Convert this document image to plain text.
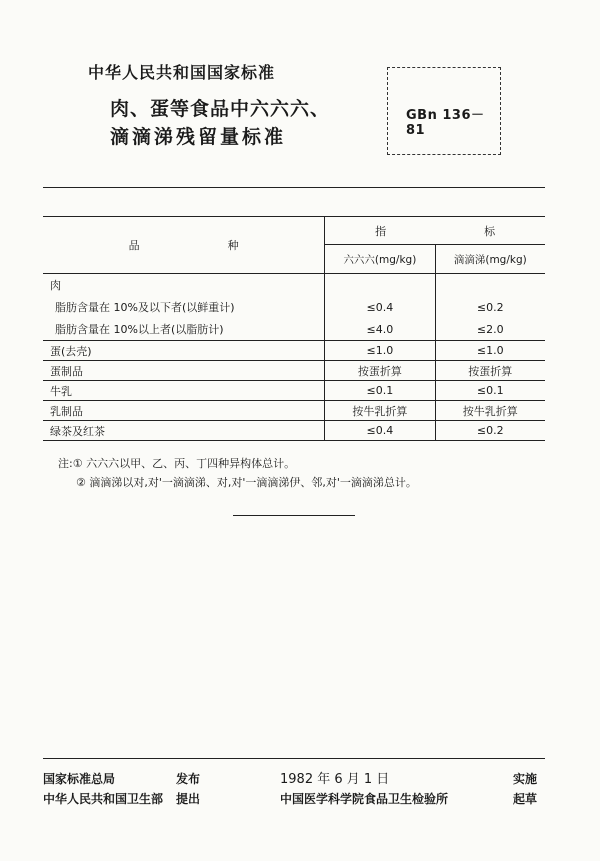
中华人民共和国国家标准
肉、蛋等食品中六六六、
滴滴涕残留量标准
GBn 136－81
品 种	指 标	

	六六六(mg/kg)	滴滴涕(mg/kg)
肉		
脂肪含量在 10%及以下者(以鲜重计)	≤0.4	≤0.2
脂肪含量在 10%以上者(以脂肪计)	≤4.0	≤2.0
蛋(去壳)	≤1.0	≤1.0
蛋制品	按蛋折算	按蛋折算
牛乳	≤0.1	≤0.1
乳制品	按牛乳折算	按牛乳折算
绿茶及红茶	≤0.4	≤0.2
注:① 六六六以甲、乙、丙、丁四种异构体总计。
② 滴滴涕以对,对'一滴滴涕、对,对'一滴滴涕伊、邻,对'一滴滴涕总计。
国家标准总局	发布	1982 年 6 月 1 日	实施
中华人民共和国卫生部 提出	中国医学科学院食品卫生检验所	起草
